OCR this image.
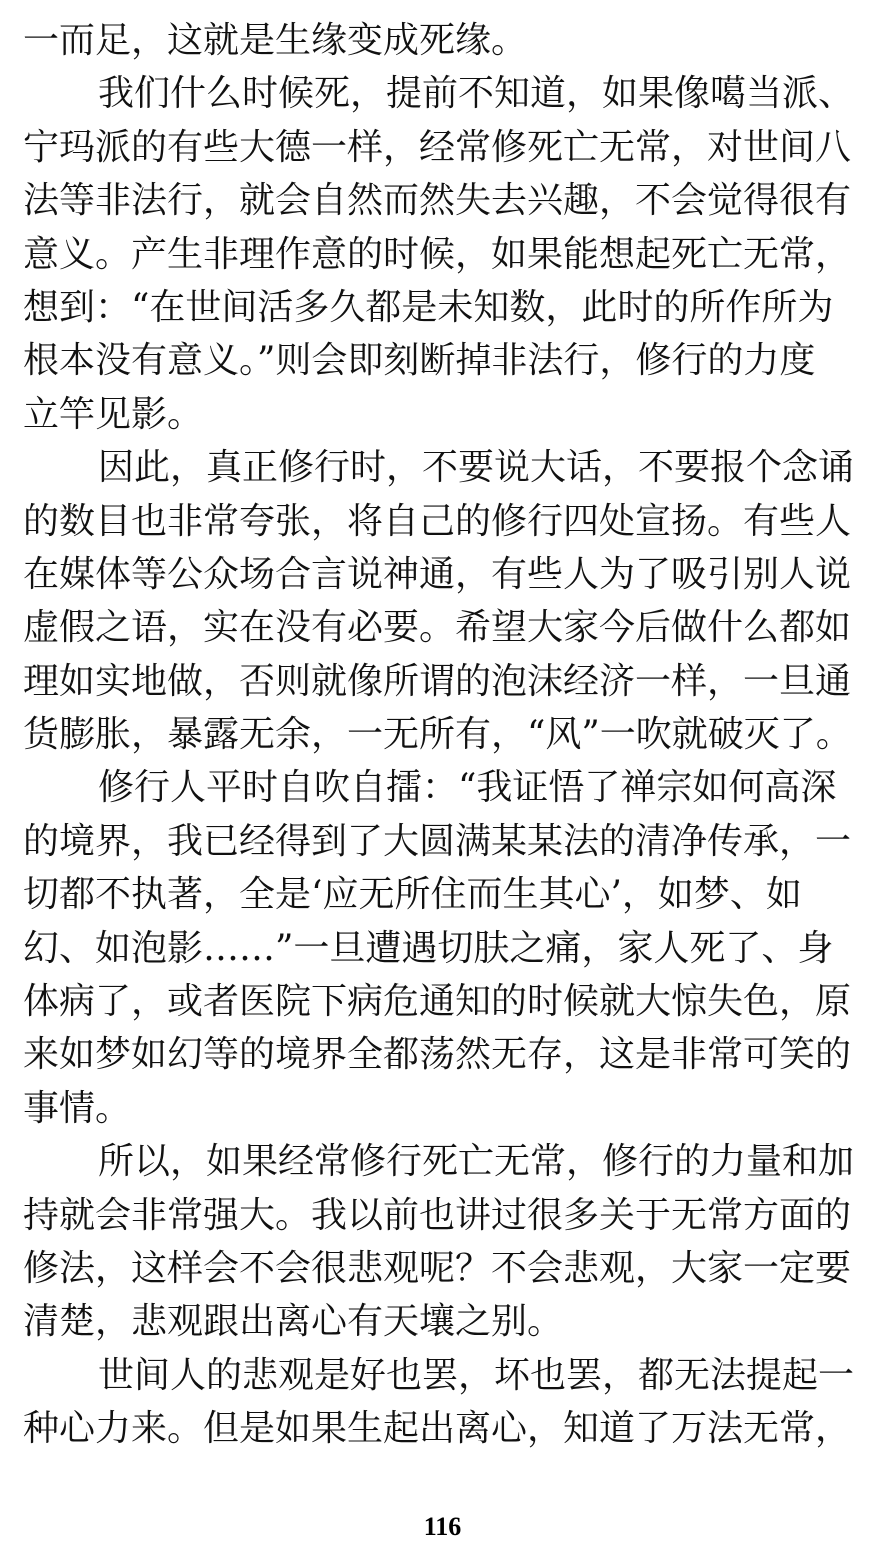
一而足，这就是生缘变成死缘。
我们什么时候死，提前不知道，如果像噶当派、
宁玛派的有些大德一样，经常修死亡无常，对世间八
法等非法行，就会自然而然失去兴趣，不会觉得很有
意义。产生非理作意的时候，如果能想起死亡无常，
想到：“在世间活多久都是未知数，此时的所作所为
根本没有意义。”则会即刻断掉非法行，修行的力度
立竿见影。
因此，真正修行时，不要说大话，不要报个念诵
的数目也非常夸张，将自己的修行四处宣扬。有些人
在媒体等公众场合言说神通，有些人为了吸引别人说
虚假之语，实在没有必要。希望大家今后做什么都如
理如实地做，否则就像所谓的泡沫经济一样，一旦通
货膨胀，暴露无余，一无所有，“风”一吹就破灭了。
修行人平时自吹自擂：“我证悟了禅宗如何高深
的境界，我已经得到了大圆满某某法的清净传承，一
切都不执著，全是‘应无所住而生其心’，如梦、如
幻、如泡影……”一旦遭遇切肤之痛，家人死了、身
体病了，或者医院下病危通知的时候就大惊失色，原
来如梦如幻等的境界全都荡然无存，这是非常可笑的
事情。
所以，如果经常修行死亡无常，修行的力量和加
持就会非常强大。我以前也讲过很多关于无常方面的
修法，这样会不会很悲观呢？不会悲观，大家一定要
清楚，悲观跟出离心有天壤之别。
世间人的悲观是好也罢，坏也罢，都无法提起一
种心力来。但是如果生起出离心，知道了万法无常，
116
